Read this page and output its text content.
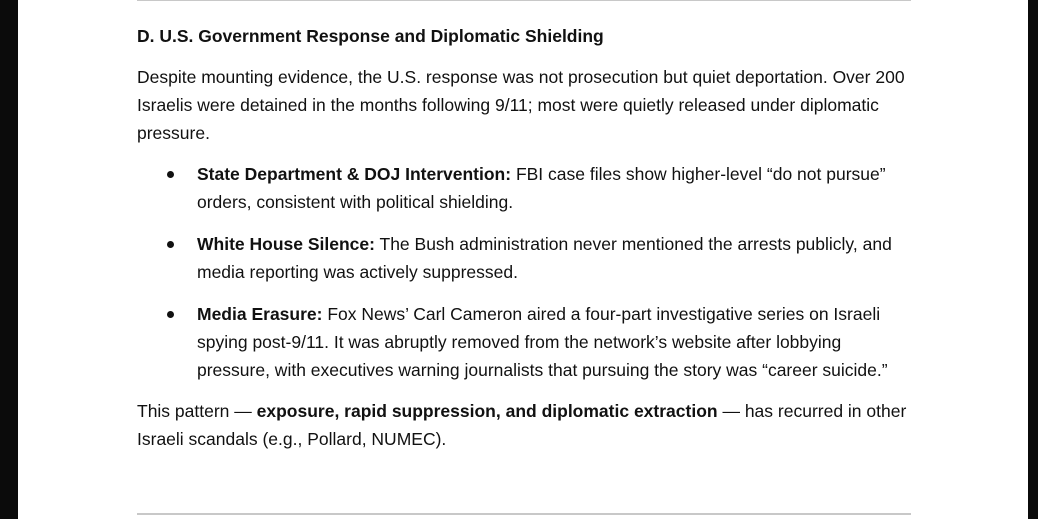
D. U.S. Government Response and Diplomatic Shielding
Despite mounting evidence, the U.S. response was not prosecution but quiet deportation. Over 200 Israelis were detained in the months following 9/11; most were quietly released under diplomatic pressure.
State Department & DOJ Intervention: FBI case files show higher-level “do not pursue” orders, consistent with political shielding.
White House Silence: The Bush administration never mentioned the arrests publicly, and media reporting was actively suppressed.
Media Erasure: Fox News’ Carl Cameron aired a four-part investigative series on Israeli spying post-9/11. It was abruptly removed from the network’s website after lobbying pressure, with executives warning journalists that pursuing the story was “career suicide.”
This pattern — exposure, rapid suppression, and diplomatic extraction — has recurred in other Israeli scandals (e.g., Pollard, NUMEC).
